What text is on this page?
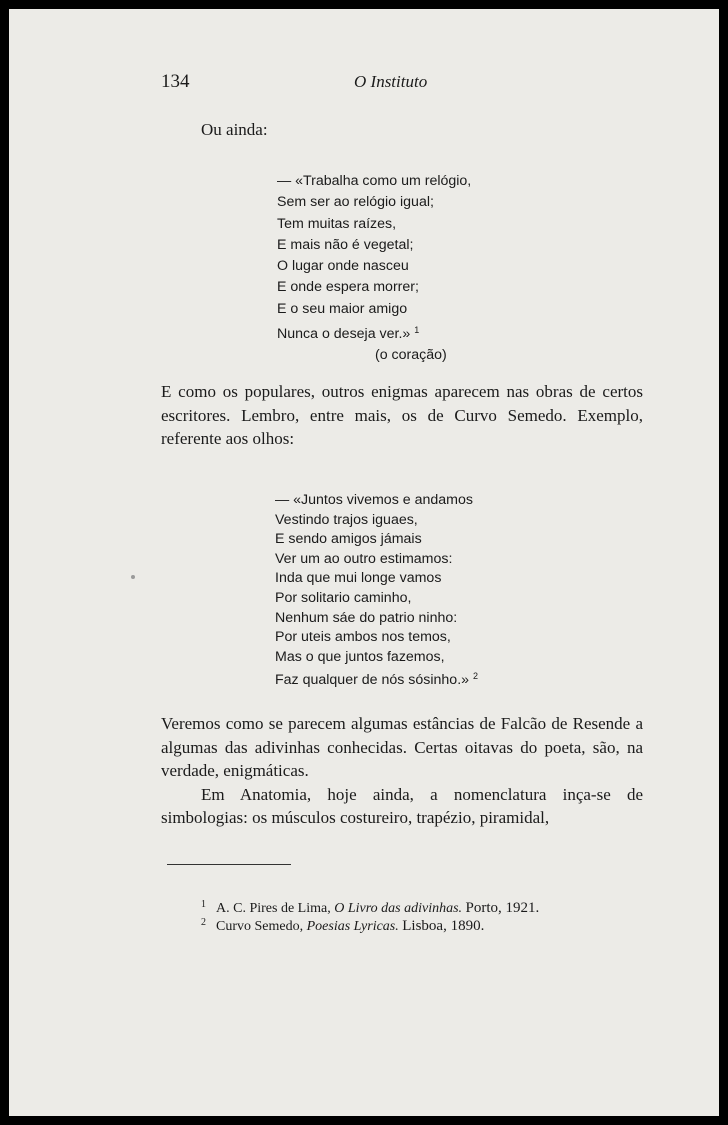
134	O Instituto
Ou ainda:
— «Trabalha como um relógio,
Sem ser ao relógio igual;
Tem muitas raízes,
E mais não é vegetal;
O lugar onde nasceu
E onde espera morrer;
E o seu maior amigo
Nunca o deseja ver.» $^1$
(o coração)
E como os populares, outros enigmas aparecem nas obras de certos escritores. Lembro, entre mais, os de Curvo Semedo. Exemplo, referente aos olhos:
— «Juntos vivemos e andamos
Vestindo trajos iguaes,
E sendo amigos jámais
Ver um ao outro estimamos:
Inda que mui longe vamos
Por solitario caminho,
Nenhum sáe do patrio ninho:
Por uteis ambos nos temos,
Mas o que juntos fazemos,
Faz qualquer de nós sósinho.» $^2$
Veremos como se parecem algumas estâncias de Falcão de Resende a algumas das adivinhas conhecidas. Certas oitavas do poeta, são, na verdade, enigmáticas.
Em Anatomia, hoje ainda, a nomenclatura inça-se de simbologias: os músculos costureiro, trapézio, piramidal,
$^1$ A. C. Pires de Lima, O Livro das adivinhas. Porto, 1921.
$^2$ Curvo Semedo, Poesias Lyricas. Lisboa, 1890.
